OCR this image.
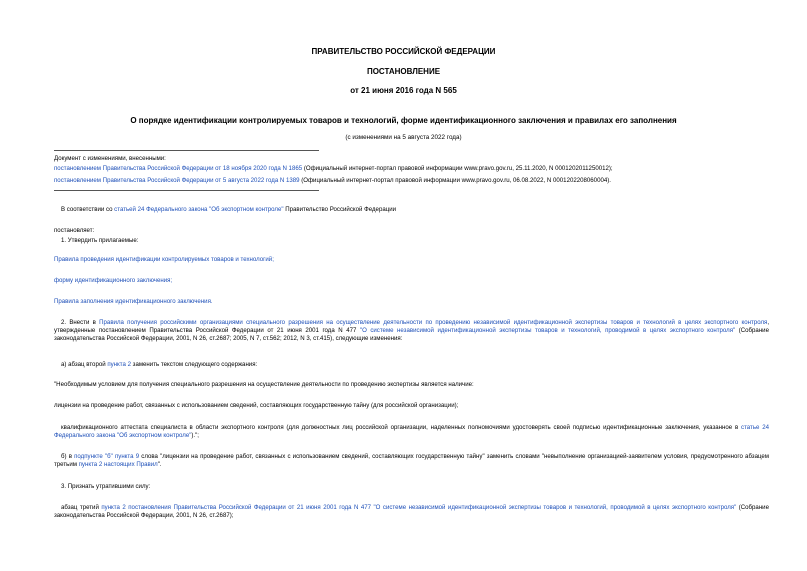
ПРАВИТЕЛЬСТВО РОССИЙСКОЙ ФЕДЕРАЦИИ
ПОСТАНОВЛЕНИЕ
от 21 июня 2016 года N 565
О порядке идентификации контролируемых товаров и технологий, форме идентификационного заключения и правилах его заполнения
(с изменениями на 5 августа 2022 года)
Документ с изменениями, внесенными:
постановлением Правительства Российской Федерации от 18 ноября 2020 года N 1865 (Официальный интернет-портал правовой информации www.pravo.gov.ru, 25.11.2020, N 0001202011250012);
постановлением Правительства Российской Федерации от 5 августа 2022 года N 1389 (Официальный интернет-портал правовой информации www.pravo.gov.ru, 06.08.2022, N 0001202208060004).
В соответствии со статьей 24 Федерального закона "Об экспортном контроле" Правительство Российской Федерации
постановляет:
1. Утвердить прилагаемые:
Правила проведения идентификации контролируемых товаров и технологий;
форму идентификационного заключения;
Правила заполнения идентификационного заключения.
2. Внести в Правила получения российскими организациями специального разрешения на осуществление деятельности по проведению независимой идентификационной экспертизы товаров и технологий в целях экспортного контроля, утвержденные постановлением Правительства Российской Федерации от 21 июня 2001 года N 477 "О системе независимой идентификационной экспертизы товаров и технологий, проводимой в целях экспортного контроля" (Собрание законодательства Российской Федерации, 2001, N 26, ст.2687; 2005, N 7, ст.562; 2012, N 3, ст.415), следующие изменения:
а) абзац второй пункта 2 заменить текстом следующего содержания:
"Необходимым условием для получения специального разрешения на осуществление деятельности по проведению экспертизы является наличие:
лицензии на проведение работ, связанных с использованием сведений, составляющих государственную тайну (для российской организации);
квалификационного аттестата специалиста в области экспортного контроля (для должностных лиц российской организации, наделенных полномочиями удостоверять своей подписью идентификационные заключения, указанное в статье 24 Федерального закона "Об экспортном контроле").";
б) в подпункте "б" пункта 9 слова "лицензии на проведение работ, связанных с использованием сведений, составляющих государственную тайну" заменить словами "невыполнение организацией-заявителем условия, предусмотренного абзацем третьим пункта 2 настоящих Правил".
3. Признать утратившими силу:
абзац третий пункта 2 постановления Правительства Российской Федерации от 21 июня 2001 года N 477 "О системе независимой идентификационной экспертизы товаров и технологий, проводимой в целях экспортного контроля" (Собрание законодательства Российской Федерации, 2001, N 26, ст.2687);
